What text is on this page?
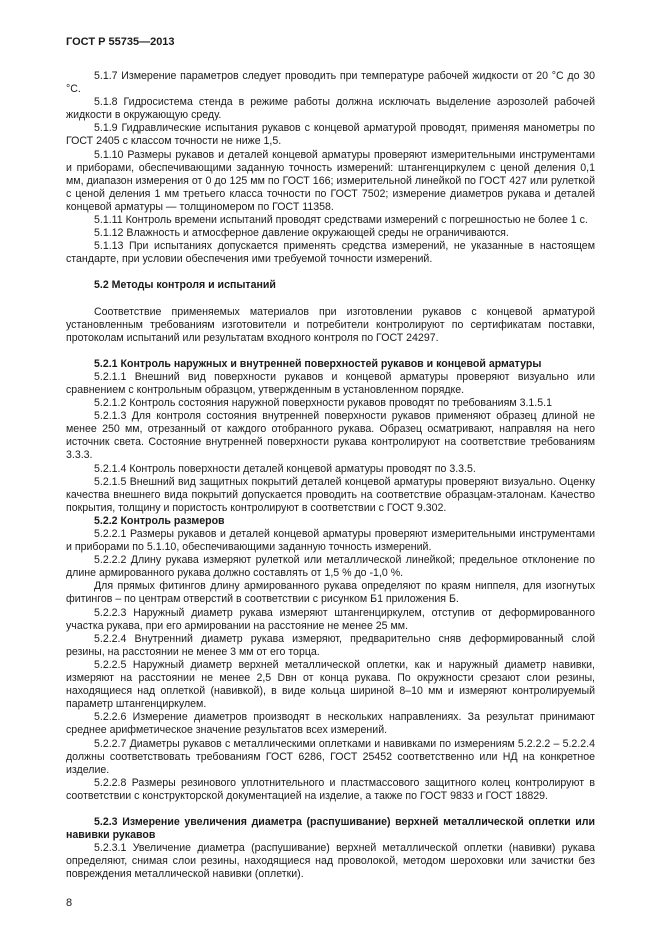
ГОСТ Р 55735—2013

5.1.7 Измерение параметров следует проводить при температуре рабочей жидкости от 20 °С до 30 °С.

5.1.8 Гидросистема стенда в режиме работы должна исключать выделение аэрозолей рабочей жидкости в окружающую среду.

5.1.9 Гидравлические испытания рукавов с концевой арматурой проводят, применяя манометры по ГОСТ 2405 с классом точности не ниже 1,5.

5.1.10 Размеры рукавов и деталей концевой арматуры проверяют измерительными инструментами и приборами, обеспечивающими заданную точность измерений: штангенциркулем с ценой деления 0,1 мм, диапазон измерения от 0 до 125 мм по ГОСТ 166; измерительной линейкой по ГОСТ 427 или рулеткой с ценой деления 1 мм третьего класса точности по ГОСТ 7502; измерение диаметров рукава и деталей концевой арматуры — толщиномером по ГОСТ 11358.

5.1.11 Контроль времени испытаний проводят средствами измерений с погрешностью не более 1 с.

5.1.12 Влажность и атмосферное давление окружающей среды не ограничиваются.

5.1.13 При испытаниях допускается применять средства измерений, не указанные в настоящем стандарте, при условии обеспечения ими требуемой точности измерений.

5.2 Методы контроля и испытаний

Соответствие применяемых материалов при изготовлении рукавов с концевой арматурой установленным требованиям изготовители и потребители контролируют по сертификатам поставки, протоколам испытаний или результатам входного контроля по ГОСТ 24297.

5.2.1 Контроль наружных и внутренней поверхностей рукавов и концевой арматуры

5.2.1.1 Внешний вид поверхности рукавов и концевой арматуры проверяют визуально или сравнением с контрольным образцом, утвержденным в установленном порядке.

5.2.1.2 Контроль состояния наружной поверхности рукавов проводят по требованиям 3.1.5.1

5.2.1.3 Для контроля состояния внутренней поверхности рукавов применяют образец длиной не менее 250 мм, отрезанный от каждого отобранного рукава. Образец осматривают, направляя на него источник света. Состояние внутренней поверхности рукава контролируют на соответствие требованиям 3.3.3.

5.2.1.4 Контроль поверхности деталей концевой арматуры проводят по 3.3.5.

5.2.1.5 Внешний вид защитных покрытий деталей концевой арматуры проверяют визуально. Оценку качества внешнего вида покрытий допускается проводить на соответствие образцам-эталонам. Качество покрытия, толщину и пористость контролируют в соответствии с ГОСТ 9.302.

5.2.2 Контроль размеров

5.2.2.1 Размеры рукавов и деталей концевой арматуры проверяют измерительными инструментами и приборами по 5.1.10, обеспечивающими заданную точность измерений.

5.2.2.2 Длину рукава измеряют рулеткой или металлической линейкой; предельное отклонение по длине армированного рукава должно составлять от 1,5 % до -1,0 %.

Для прямых фитингов длину армированного рукава определяют по краям ниппеля, для изогнутых фитингов – по центрам отверстий в соответствии с рисунком Б1 приложения Б.

5.2.2.3 Наружный диаметр рукава измеряют штангенциркулем, отступив от деформированного участка рукава, при его армировании на расстояние не менее 25 мм.

5.2.2.4 Внутренний диаметр рукава измеряют, предварительно сняв деформированный слой резины, на расстоянии не менее 3 мм от его торца.

5.2.2.5 Наружный диаметр верхней металлической оплетки, как и наружный диаметр навивки, измеряют на расстоянии не менее 2,5 Dвн от конца рукава. По окружности срезают слои резины, находящиеся над оплеткой (навивкой), в виде кольца шириной 8–10 мм и измеряют контролируемый параметр штангенциркулем.

5.2.2.6 Измерение диаметров производят в нескольких направлениях. За результат принимают среднее арифметическое значение результатов всех измерений.

5.2.2.7 Диаметры рукавов с металлическими оплетками и навивками по измерениям 5.2.2.2 – 5.2.2.4 должны соответствовать требованиям ГОСТ 6286, ГОСТ 25452 соответственно или НД на конкретное изделие.

5.2.2.8 Размеры резинового уплотнительного и пластмассового защитного колец контролируют в соответствии с конструкторской документацией на изделие, а также по ГОСТ 9833 и ГОСТ 18829.

5.2.3 Измерение увеличения диаметра (распушивание) верхней металлической оплетки или навивки рукавов

5.2.3.1 Увеличение диаметра (распушивание) верхней металлической оплетки (навивки) рукава определяют, снимая слои резины, находящиеся над проволокой, методом шероховки или зачистки без повреждения металлической навивки (оплетки).

8
